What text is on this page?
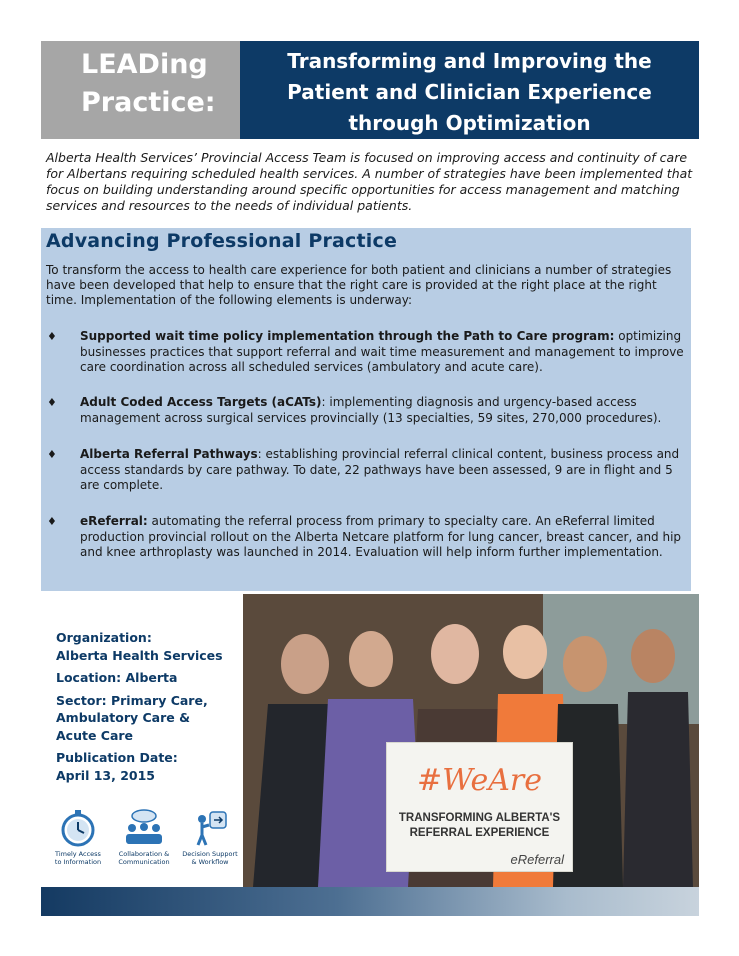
LEADing
Practice:
Transforming and Improving the
Patient and Clinician Experience
through Optimization
Alberta Health Services’ Provincial Access Team is focused on improving access and continuity of care for Albertans requiring scheduled health services. A number of strategies have been implemented that focus on building understanding around specific opportunities for access management and matching services and resources to the needs of individual patients.
Advancing Professional Practice
To transform the access to health care experience for both patient and clinicians a number of strategies have been developed that help to ensure that the right care is provided at the right place at the right time. Implementation of the following elements is underway:
♦ Supported wait time policy implementation through the Path to Care program: optimizing businesses practices that support referral and wait time measurement and management to improve care coordination across all scheduled services (ambulatory and acute care).
♦ Adult Coded Access Targets (aCATs): implementing diagnosis and urgency-based access management across surgical services provincially (13 specialties, 59 sites, 270,000 procedures).
♦ Alberta Referral Pathways: establishing provincial referral clinical content, business process and access standards by care pathway. To date, 22 pathways have been assessed, 9 are in flight and 5 are complete.
♦ eReferral: automating the referral process from primary to specialty care. An eReferral limited production provincial rollout on the Alberta Netcare platform for lung cancer, breast cancer, and hip and knee arthroplasty was launched in 2014. Evaluation will help inform further implementation.
Organization:
Alberta Health Services
Location: Alberta
Sector: Primary Care,
Ambulatory Care &
Acute Care
Publication Date:
April 13, 2015
Timely Access
to Information
Collaboration &
Communication
Decision Support
& Workflow
#WeAre
TRANSFORMING ALBERTA'S
REFERRAL EXPERIENCE
eReferral
